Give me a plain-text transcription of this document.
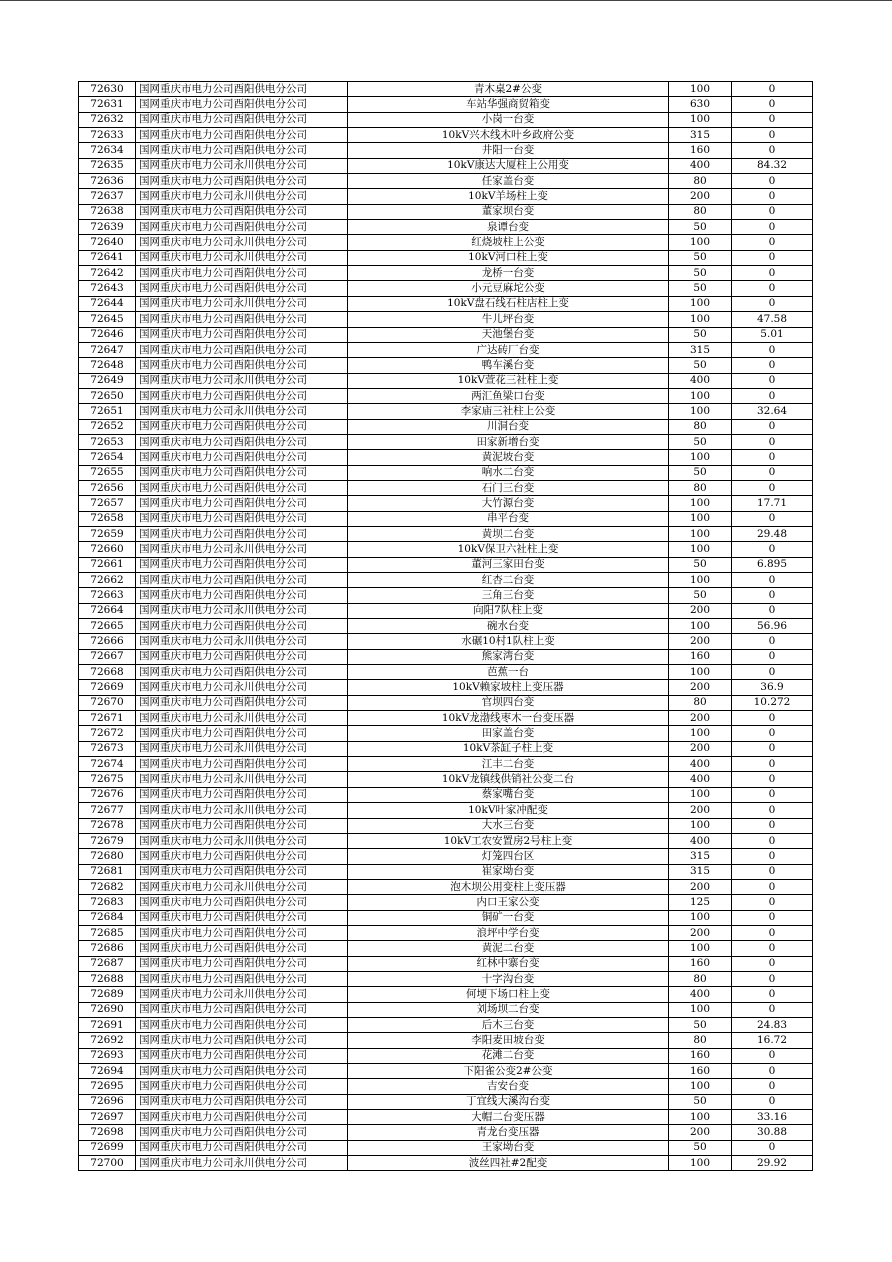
72630	国网重庆市电力公司酉阳供电分公司	青木桌2#公变	100	0
72631	国网重庆市电力公司酉阳供电分公司	车站华强商贸箱变	630	0
72632	国网重庆市电力公司酉阳供电分公司	小岗一台变	100	0
72633	国网重庆市电力公司酉阳供电分公司	10kV兴木线木叶乡政府公变	315	0
72634	国网重庆市电力公司酉阳供电分公司	井阳一台变	160	0
72635	国网重庆市电力公司永川供电分公司	10kV康达大厦柱上公用变	400	84.32
72636	国网重庆市电力公司酉阳供电分公司	任家盖台变	80	0
72637	国网重庆市电力公司永川供电分公司	10kV羊场柱上变	200	0
72638	国网重庆市电力公司酉阳供电分公司	董家坝台变	80	0
72639	国网重庆市电力公司酉阳供电分公司	泉谭台变	50	0
72640	国网重庆市电力公司永川供电分公司	红烧坡柱上公变	100	0
72641	国网重庆市电力公司永川供电分公司	10kV河口柱上变	50	0
72642	国网重庆市电力公司酉阳供电分公司	龙桥一台变	50	0
72643	国网重庆市电力公司酉阳供电分公司	小元豆麻坨公变	50	0
72644	国网重庆市电力公司永川供电分公司	10kV盘石线石柱店柱上变	100	0
72645	国网重庆市电力公司酉阳供电分公司	牛儿坪台变	100	47.58
72646	国网重庆市电力公司酉阳供电分公司	天池堡台变	50	5.01
72647	国网重庆市电力公司酉阳供电分公司	广达砖厂台变	315	0
72648	国网重庆市电力公司酉阳供电分公司	鸭车溪台变	50	0
72649	国网重庆市电力公司永川供电分公司	10kV萱花三社柱上变	400	0
72650	国网重庆市电力公司酉阳供电分公司	两汇鱼梁口台变	100	0
72651	国网重庆市电力公司永川供电分公司	李家庙三社柱上公变	100	32.64
72652	国网重庆市电力公司酉阳供电分公司	川洞台变	80	0
72653	国网重庆市电力公司酉阳供电分公司	田家新增台变	50	0
72654	国网重庆市电力公司酉阳供电分公司	黄泥坡台变	100	0
72655	国网重庆市电力公司酉阳供电分公司	响水二台变	50	0
72656	国网重庆市电力公司酉阳供电分公司	石门三台变	80	0
72657	国网重庆市电力公司酉阳供电分公司	大竹源台变	100	17.71
72658	国网重庆市电力公司酉阳供电分公司	串平台变	100	0
72659	国网重庆市电力公司酉阳供电分公司	黄坝二台变	100	29.48
72660	国网重庆市电力公司永川供电分公司	10kV保卫六社柱上变	100	0
72661	国网重庆市电力公司酉阳供电分公司	董河三家田台变	50	6.895
72662	国网重庆市电力公司酉阳供电分公司	红杏二台变	100	0
72663	国网重庆市电力公司酉阳供电分公司	三角三台变	50	0
72664	国网重庆市电力公司永川供电分公司	向阳7队柱上变	200	0
72665	国网重庆市电力公司酉阳供电分公司	碗水台变	100	56.96
72666	国网重庆市电力公司永川供电分公司	水碾10村1队柱上变	200	0
72667	国网重庆市电力公司酉阳供电分公司	熊家湾台变	160	0
72668	国网重庆市电力公司酉阳供电分公司	芭蕉一台	100	0
72669	国网重庆市电力公司永川供电分公司	10kV赖家坡柱上变压器	200	36.9
72670	国网重庆市电力公司酉阳供电分公司	官坝四台变	80	10.272
72671	国网重庆市电力公司永川供电分公司	10kV龙渤线枣木一台变压器	200	0
72672	国网重庆市电力公司酉阳供电分公司	田家盖台变	100	0
72673	国网重庆市电力公司永川供电分公司	10kV茶缸子柱上变	200	0
72674	国网重庆市电力公司酉阳供电分公司	江丰二台变	400	0
72675	国网重庆市电力公司永川供电分公司	10kV龙镇线供销社公变二台	400	0
72676	国网重庆市电力公司酉阳供电分公司	蔡家嘴台变	100	0
72677	国网重庆市电力公司永川供电分公司	10kV叶家冲配变	200	0
72678	国网重庆市电力公司酉阳供电分公司	大水三台变	100	0
72679	国网重庆市电力公司永川供电分公司	10kV工农安置房2号柱上变	400	0
72680	国网重庆市电力公司酉阳供电分公司	灯笼四台区	315	0
72681	国网重庆市电力公司酉阳供电分公司	崔家坳台变	315	0
72682	国网重庆市电力公司永川供电分公司	泡木坝公用变柱上变压器	200	0
72683	国网重庆市电力公司酉阳供电分公司	内口王家公变	125	0
72684	国网重庆市电力公司酉阳供电分公司	铜矿一台变	100	0
72685	国网重庆市电力公司酉阳供电分公司	浪坪中学台变	200	0
72686	国网重庆市电力公司酉阳供电分公司	黄泥二台变	100	0
72687	国网重庆市电力公司酉阳供电分公司	红林中寨台变	160	0
72688	国网重庆市电力公司酉阳供电分公司	十字沟台变	80	0
72689	国网重庆市电力公司永川供电分公司	何埂下场口柱上变	400	0
72690	国网重庆市电力公司酉阳供电分公司	刘场坝二台变	100	0
72691	国网重庆市电力公司酉阳供电分公司	后木三台变	50	24.83
72692	国网重庆市电力公司酉阳供电分公司	李阳麦田坡台变	80	16.72
72693	国网重庆市电力公司酉阳供电分公司	花滩二台变	160	0
72694	国网重庆市电力公司酉阳供电分公司	下阳雀公变2#公变	160	0
72695	国网重庆市电力公司酉阳供电分公司	吉安台变	100	0
72696	国网重庆市电力公司酉阳供电分公司	丁宜线大溪沟台变	50	0
72697	国网重庆市电力公司酉阳供电分公司	大帽二台变压器	100	33.16
72698	国网重庆市电力公司酉阳供电分公司	青龙台变压器	200	30.88
72699	国网重庆市电力公司酉阳供电分公司	王家坳台变	50	0
72700	国网重庆市电力公司永川供电分公司	波丝四社#2配变	100	29.92
